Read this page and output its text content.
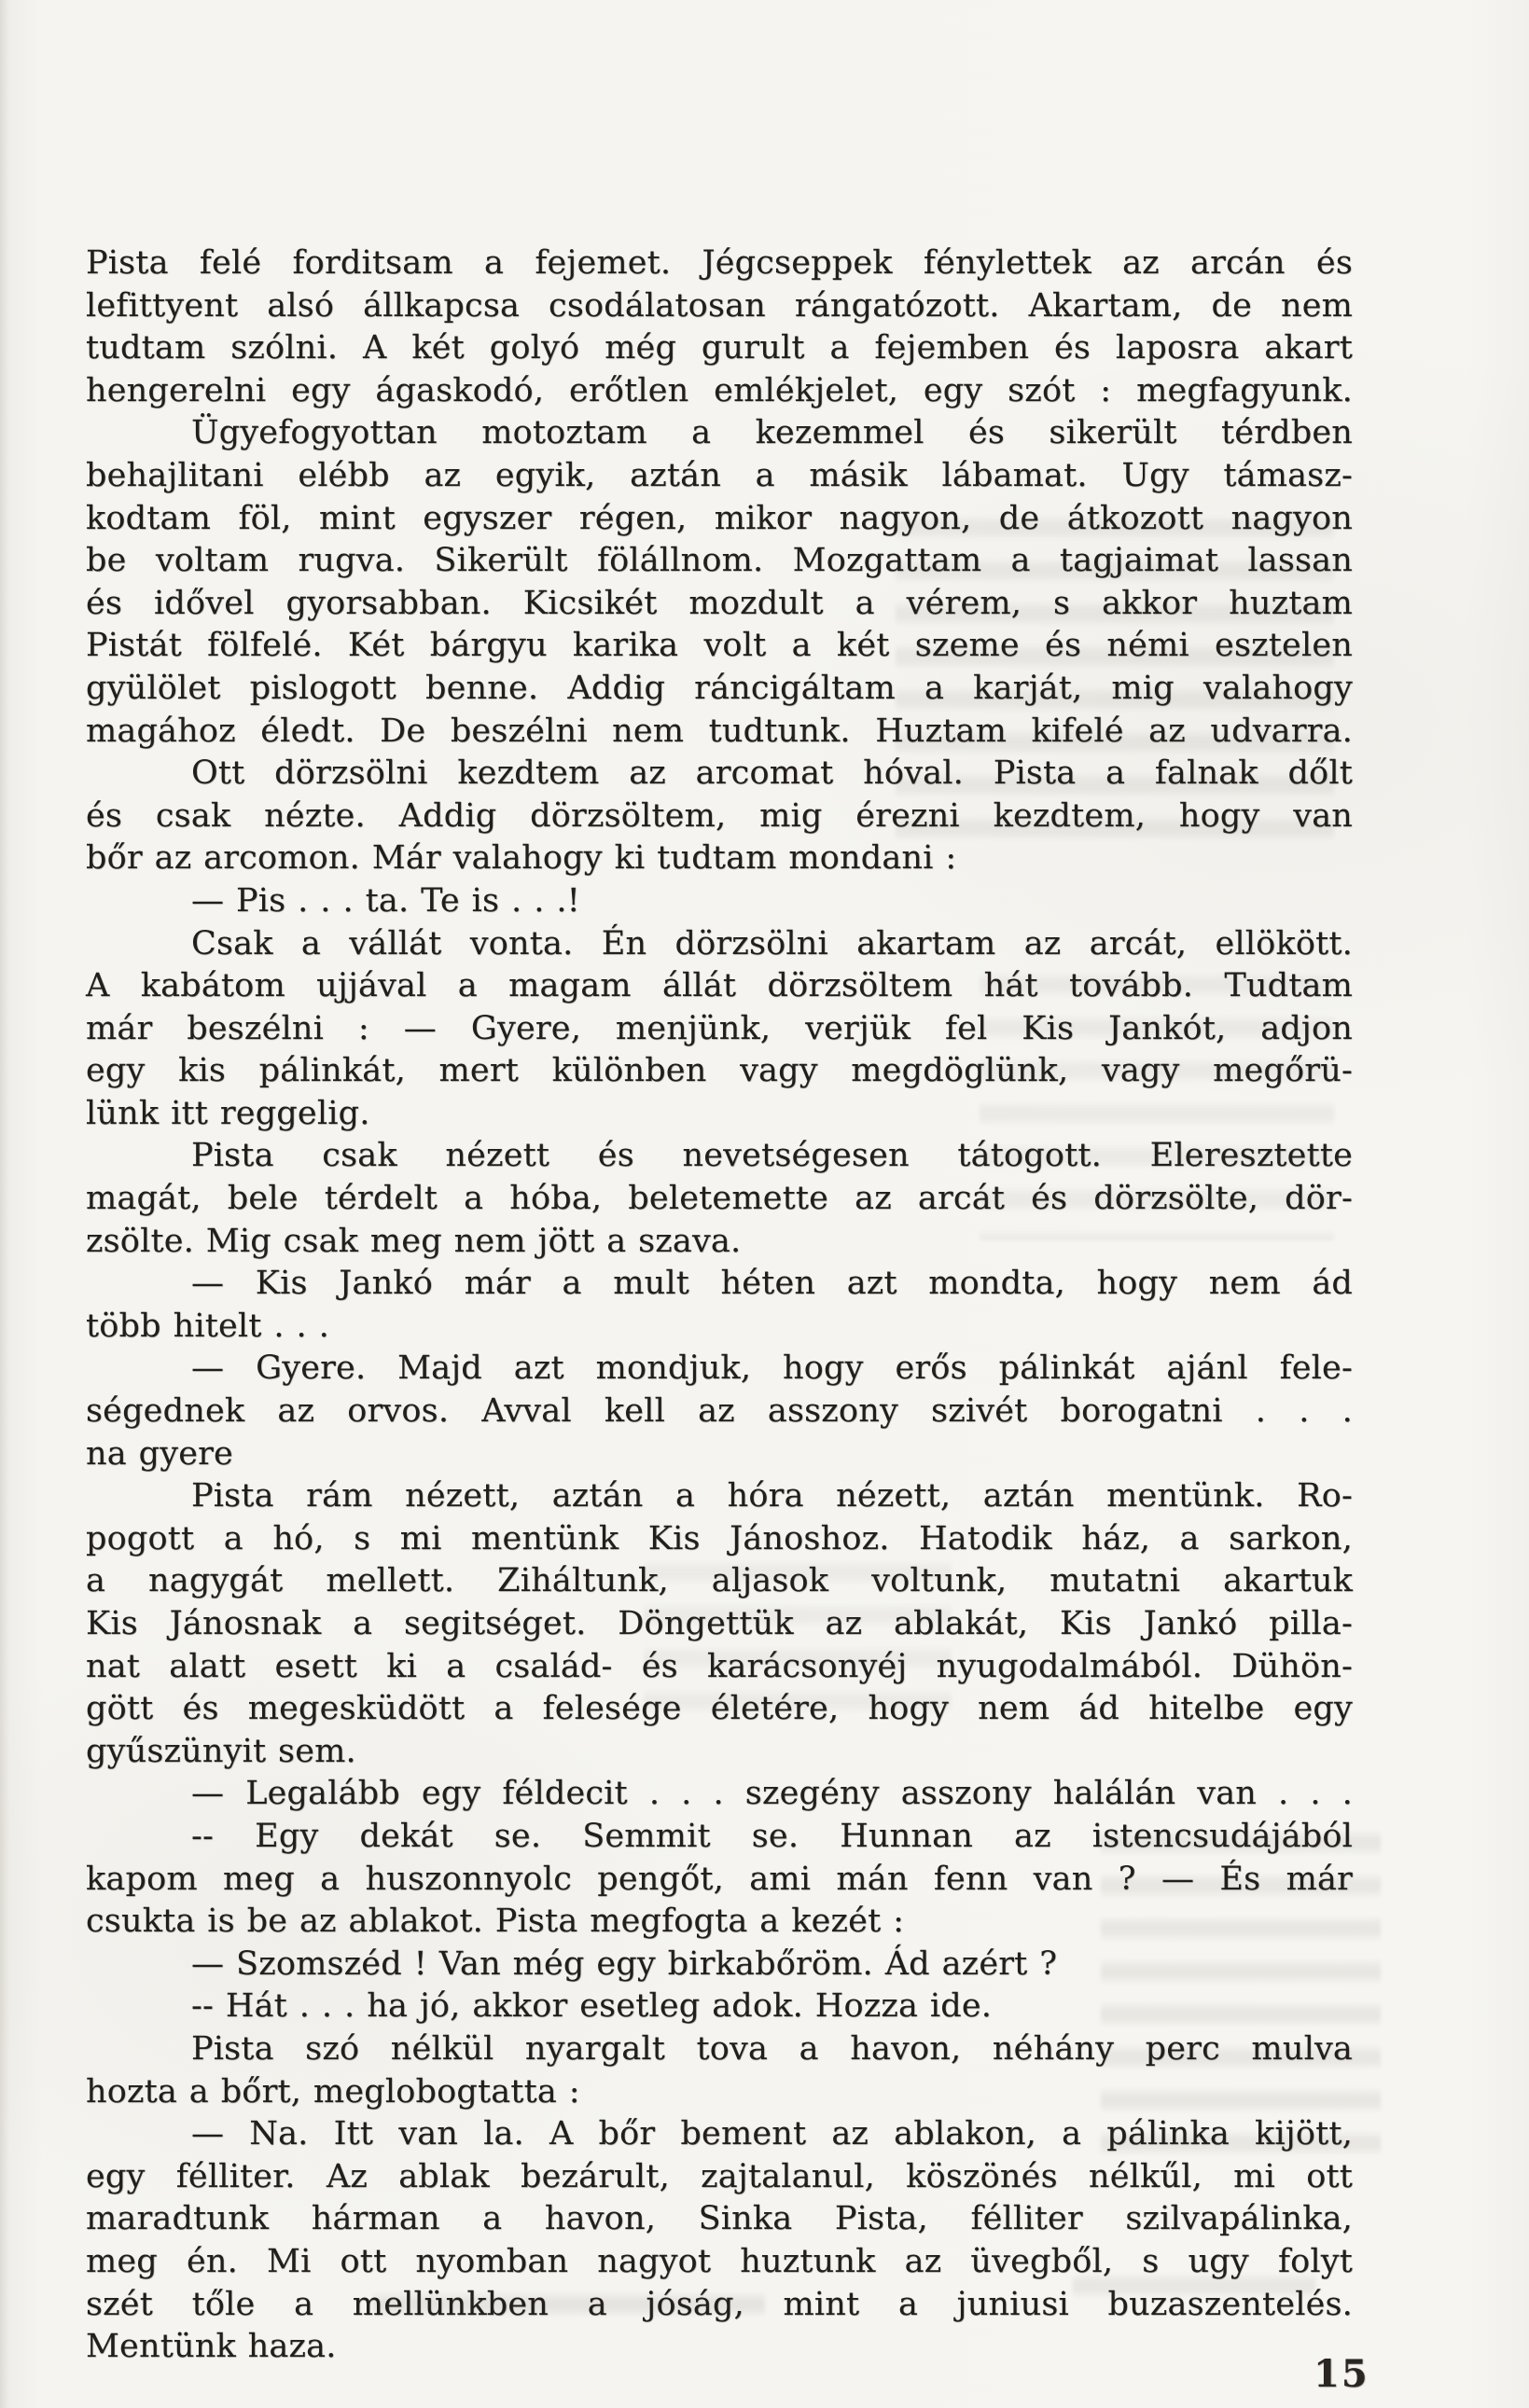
Pista felé forditsam a fejemet. Jégcseppek fénylettek az arcán és
lefittyent alsó állkapcsa csodálatosan rángatózott. Akartam, de nem
tudtam szólni. A két golyó még gurult a fejemben és laposra akart
hengerelni egy ágaskodó, erőtlen emlékjelet, egy szót : megfagyunk.
Ügyefogyottan motoztam a kezemmel és sikerült térdben
behajlitani elébb az egyik, aztán a másik lábamat. Ugy támasz-
kodtam föl, mint egyszer régen, mikor nagyon, de átkozott nagyon
be voltam rugva. Sikerült fölállnom. Mozgattam a tagjaimat lassan
és idővel gyorsabban. Kicsikét mozdult a vérem, s akkor huztam
Pistát fölfelé. Két bárgyu karika volt a két szeme és némi esztelen
gyülölet pislogott benne. Addig ráncigáltam a karját, mig valahogy
magához éledt. De beszélni nem tudtunk. Huztam kifelé az udvarra.
Ott dörzsölni kezdtem az arcomat hóval. Pista a falnak dőlt
és csak nézte. Addig dörzsöltem, mig érezni kezdtem, hogy van
bőr az arcomon. Már valahogy ki tudtam mondani :
— Pis . . . ta. Te is . . .!
Csak a vállát vonta. Én dörzsölni akartam az arcát, ellökött.
A kabátom ujjával a magam állát dörzsöltem hát tovább. Tudtam
már beszélni : — Gyere, menjünk, verjük fel Kis Jankót, adjon
egy kis pálinkát, mert különben vagy megdöglünk, vagy megőrü-
lünk itt reggelig.
Pista csak nézett és nevetségesen tátogott. Eleresztette
magát, bele térdelt a hóba, beletemette az arcát és dörzsölte, dör-
zsölte. Mig csak meg nem jött a szava.
— Kis Jankó már a mult héten azt mondta, hogy nem ád
több hitelt . . .
— Gyere. Majd azt mondjuk, hogy erős pálinkát ajánl fele-
ségednek az orvos. Avval kell az asszony szivét borogatni . . .
na gyere
Pista rám nézett, aztán a hóra nézett, aztán mentünk. Ro-
pogott a hó, s mi mentünk Kis Jánoshoz. Hatodik ház, a sarkon,
a nagygát mellett. Ziháltunk, aljasok voltunk, mutatni akartuk
Kis Jánosnak a segitséget. Döngettük az ablakát, Kis Jankó pilla-
nat alatt esett ki a család- és karácsonyéj nyugodalmából. Dühön-
gött és megesküdött a felesége életére, hogy nem ád hitelbe egy
gyűszünyit sem.
— Legalább egy féldecit . . . szegény asszony halálán van . . .
-- Egy dekát se. Semmit se. Hunnan az istencsudájából
kapom meg a huszonnyolc pengőt, ami mán fenn van ? — És már
csukta is be az ablakot. Pista megfogta a kezét :
— Szomszéd ! Van még egy birkabőröm. Ád azért ?
-- Hát . . . ha jó, akkor esetleg adok. Hozza ide.
Pista szó nélkül nyargalt tova a havon, néhány perc mulva
hozta a bőrt, meglobogtatta :
— Na. Itt van la. A bőr bement az ablakon, a pálinka kijött,
egy félliter. Az ablak bezárult, zajtalanul, köszönés nélkűl, mi ott
maradtunk hárman a havon, Sinka Pista, félliter szilvapálinka,
meg én. Mi ott nyomban nagyot huztunk az üvegből, s ugy folyt
szét tőle a mellünkben a jóság, mint a juniusi buzaszentelés.
Mentünk haza.
15
